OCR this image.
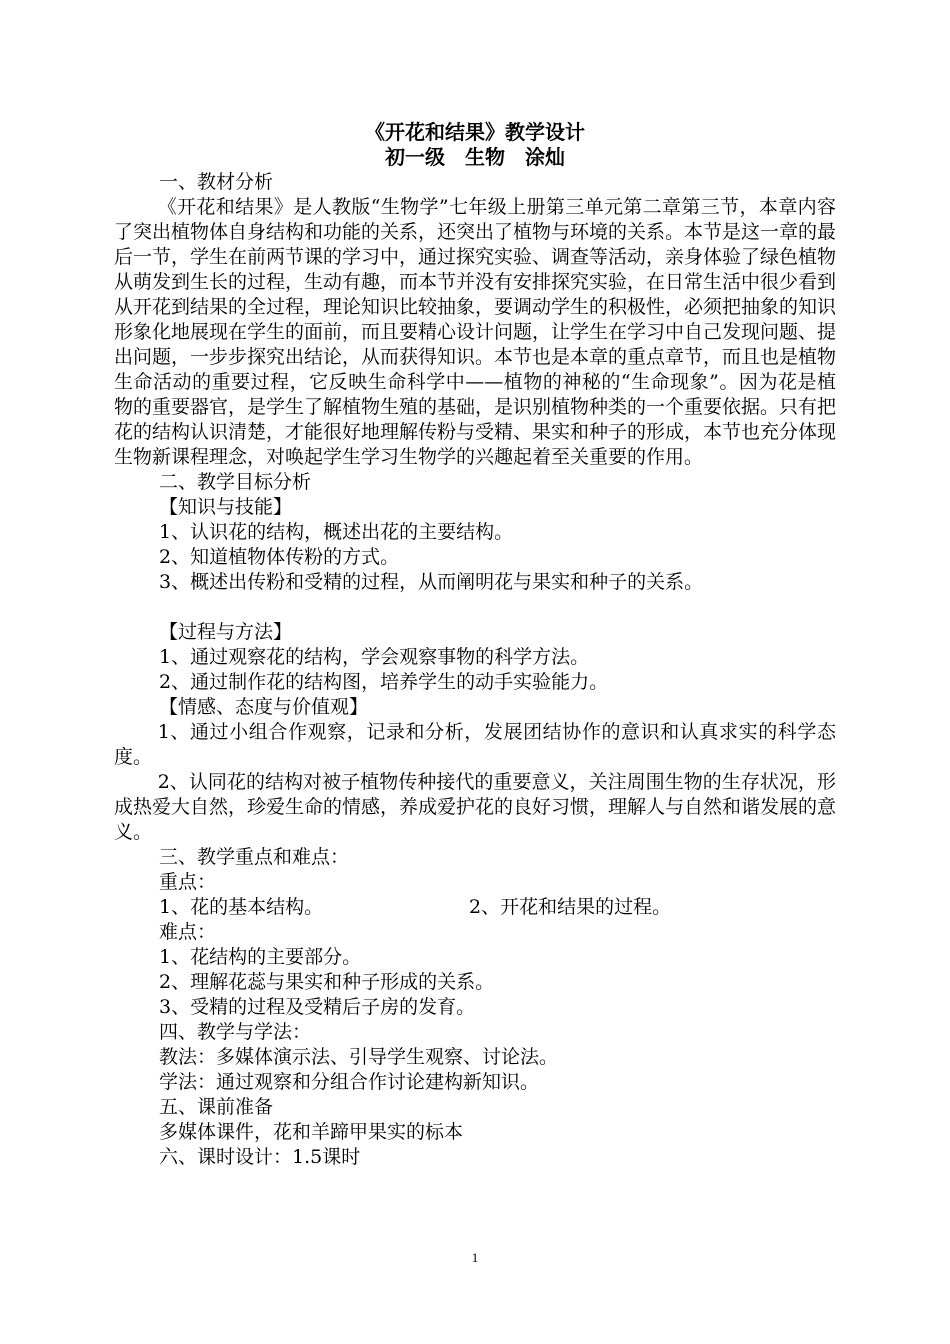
《开花和结果》教学设计
初一级　生物　涂灿
一、教材分析
《开花和结果》是人教版“生物学”七年级上册第三单元第二章第三节，本章内容了突出植物体自身结构和功能的关系，还突出了植物与环境的关系。本节是这一章的最后一节，学生在前两节课的学习中，通过探究实验、调查等活动，亲身体验了绿色植物从萌发到生长的过程，生动有趣，而本节并没有安排探究实验，在日常生活中很少看到从开花到结果的全过程，理论知识比较抽象，要调动学生的积极性，必须把抽象的知识形象化地展现在学生的面前，而且要精心设计问题，让学生在学习中自己发现问题、提出问题，一步步探究出结论，从而获得知识。本节也是本章的重点章节，而且也是植物生命活动的重要过程，它反映生命科学中——植物的神秘的“生命现象”。因为花是植物的重要器官，是学生了解植物生殖的基础，是识别植物种类的一个重要依据。只有把花的结构认识清楚，才能很好地理解传粉与受精、果实和种子的形成，本节也充分体现生物新课程理念，对唤起学生学习生物学的兴趣起着至关重要的作用。
二、教学目标分析
【知识与技能】
1、认识花的结构，概述出花的主要结构。
2、知道植物体传粉的方式。
3、概述出传粉和受精的过程，从而阐明花与果实和种子的关系。
【过程与方法】
1、通过观察花的结构，学会观察事物的科学方法。
2、通过制作花的结构图，培养学生的动手实验能力。
【情感、态度与价值观】
1、通过小组合作观察，记录和分析，发展团结协作的意识和认真求实的科学态度。
2、认同花的结构对被子植物传种接代的重要意义，关注周围生物的生存状况，形成热爱大自然，珍爱生命的情感，养成爱护花的良好习惯，理解人与自然和谐发展的意义。
三、教学重点和难点：
重点：
1、花的基本结构。	2、开花和结果的过程。
难点：
1、花结构的主要部分。
2、理解花蕊与果实和种子形成的关系。
3、受精的过程及受精后子房的发育。
四、教学与学法：
教法：多媒体演示法、引导学生观察、讨论法。
学法：通过观察和分组合作讨论建构新知识。
五、课前准备
多媒体课件，花和羊蹄甲果实的标本
六、课时设计：1.5课时
1
